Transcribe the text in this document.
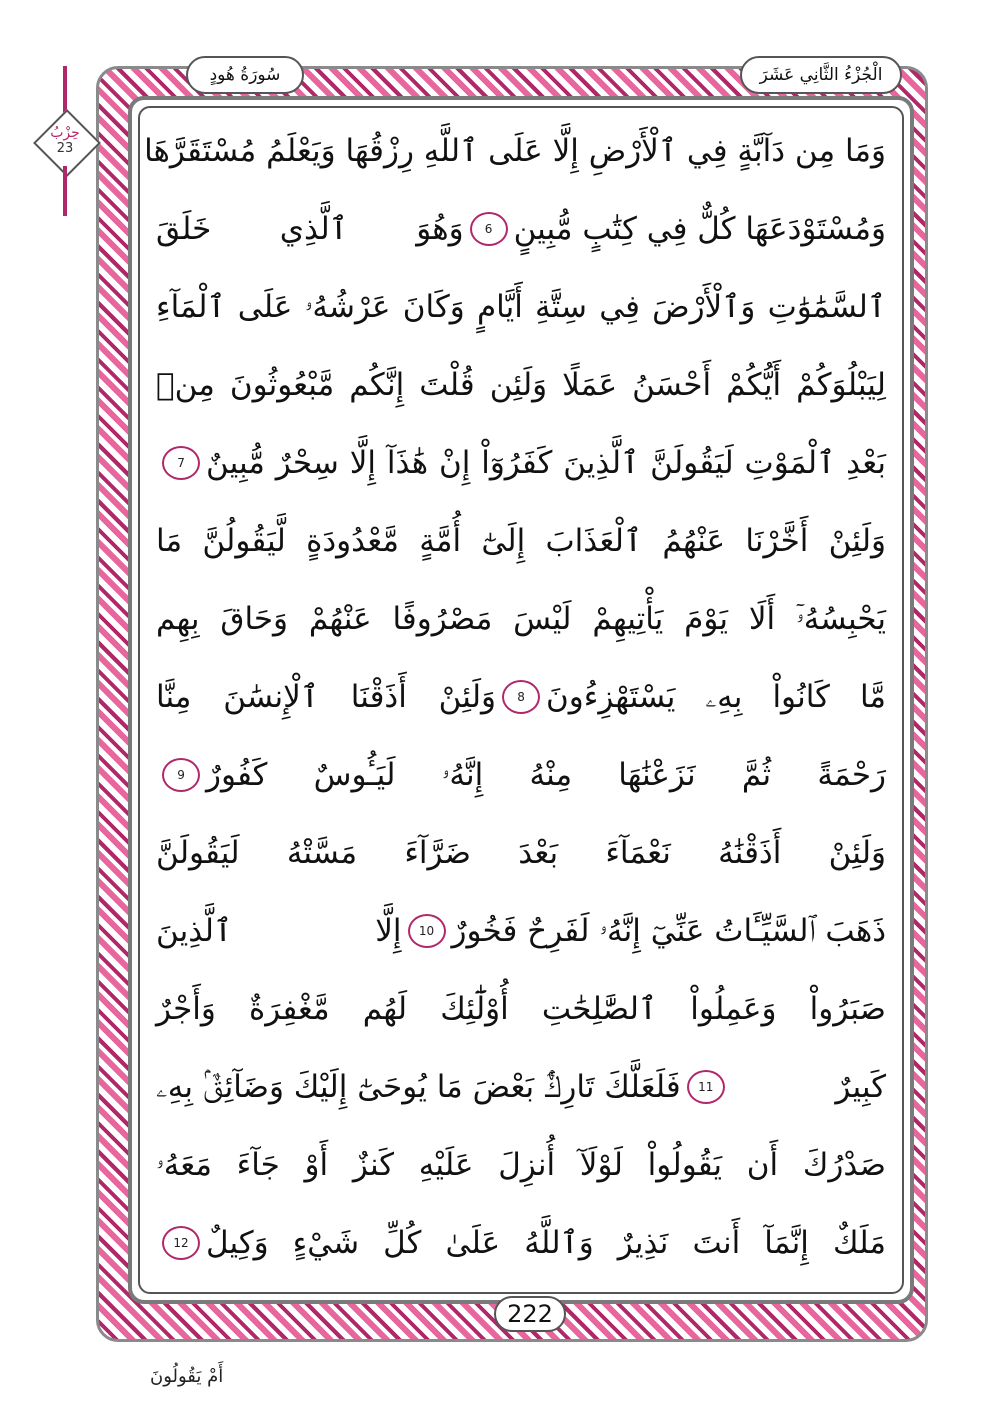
سُورَةُ هُودٍ	الْجُزْءُ الثَّانِي عَشَرَ
حِزْبُ
23 وَمَا مِن دَآبَّةٍ فِي ٱلْأَرْضِ إِلَّا عَلَى ٱللَّهِ رِزْقُهَا وَيَعْلَمُ مُسْتَقَرَّهَا
وَمُسْتَوْدَعَهَا كُلٌّ فِي كِتَٰبٍ مُّبِينٍ
6
وَهُوَ ٱلَّذِي خَلَقَ
ٱلسَّمَٰوَٰتِ وَٱلْأَرْضَ فِي سِتَّةِ أَيَّامٍ وَكَانَ عَرْشُهُۥ عَلَى ٱلْمَآءِ
لِيَبْلُوَكُمْ أَيُّكُمْ أَحْسَنُ عَمَلًا وَلَئِن قُلْتَ إِنَّكُم مَّبْعُوثُونَ مِنۢ
بَعْدِ ٱلْمَوْتِ لَيَقُولَنَّ ٱلَّذِينَ كَفَرُوٓاْ إِنْ هَٰذَآ إِلَّا سِحْرٌ مُّبِينٌ
7
وَلَئِنْ أَخَّرْنَا عَنْهُمُ ٱلْعَذَابَ إِلَىٰٓ أُمَّةٍ مَّعْدُودَةٍ لَّيَقُولُنَّ مَا
يَحْبِسُهُۥٓ أَلَا يَوْمَ يَأْتِيهِمْ لَيْسَ مَصْرُوفًا عَنْهُمْ وَحَاقَ بِهِم
مَّا كَانُواْ بِهِۦ يَسْتَهْزِءُونَ
8
وَلَئِنْ أَذَقْنَا ٱلْإِنسَٰنَ مِنَّا
رَحْمَةً ثُمَّ نَزَعْنَٰهَا مِنْهُ إِنَّهُۥ لَيَـُٔوسٌ كَفُورٌ
9
وَلَئِنْ أَذَقْنَٰهُ نَعْمَآءَ بَعْدَ ضَرَّآءَ مَسَّتْهُ لَيَقُولَنَّ
ذَهَبَ ٱلسَّيِّـَٔاتُ عَنِّيٓ إِنَّهُۥ لَفَرِحٌ فَخُورٌ
10
إِلَّا ٱلَّذِينَ
صَبَرُواْ وَعَمِلُواْ ٱلصَّٰلِحَٰتِ أُوْلَٰٓئِكَ لَهُم مَّغْفِرَةٌ وَأَجْرٌ
كَبِيرٌ
11
فَلَعَلَّكَ تَارِكٌۢ بَعْضَ مَا يُوحَىٰٓ إِلَيْكَ وَضَآئِقٌۢ بِهِۦ
صَدْرُكَ أَن يَقُولُواْ لَوْلَآ أُنزِلَ عَلَيْهِ كَنزٌ أَوْ جَآءَ مَعَهُۥ
مَلَكٌ إِنَّمَآ أَنتَ نَذِيرٌ وَٱللَّهُ عَلَىٰ كُلِّ شَيْءٍ وَكِيلٌ
12
222
أَمْ يَقُولُونَ
